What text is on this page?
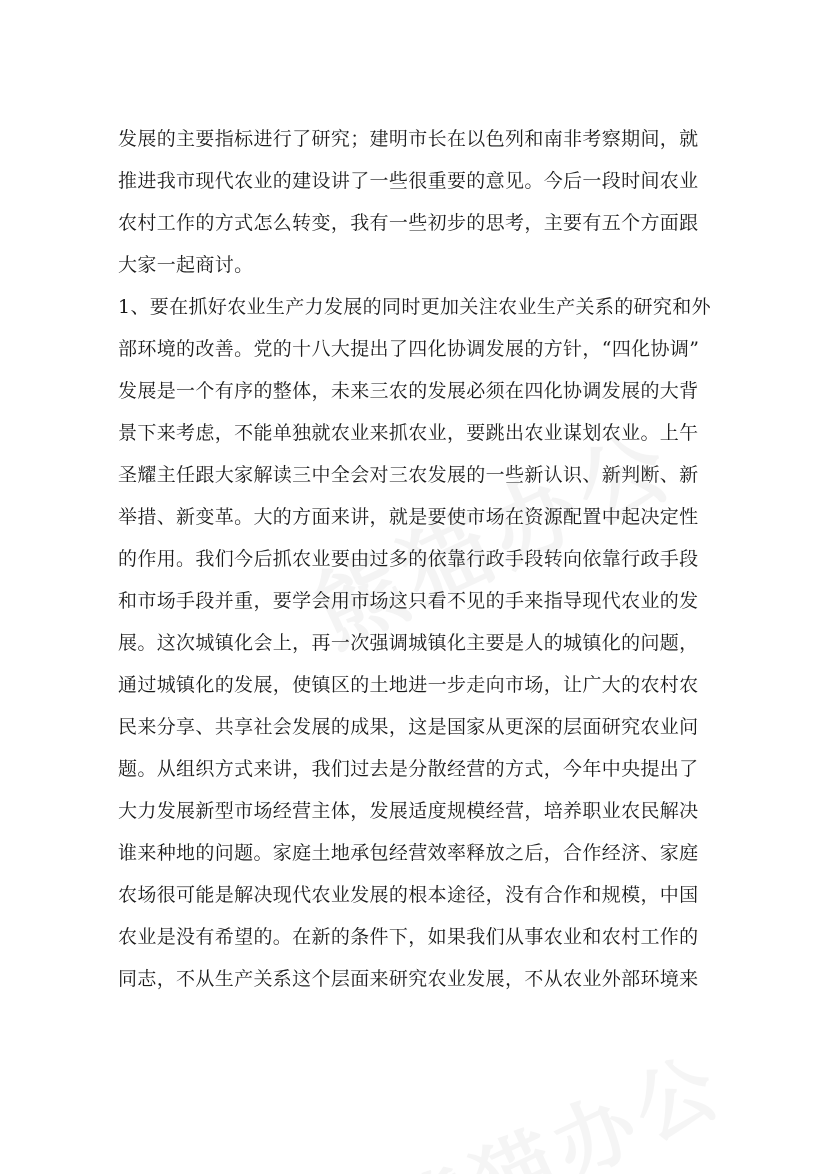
发展的主要指标进行了研究；建明市长在以色列和南非考察期间，就
推进我市现代农业的建设讲了一些很重要的意见。今后一段时间农业
农村工作的方式怎么转变，我有一些初步的思考，主要有五个方面跟
大家一起商讨。
1、要在抓好农业生产力发展的同时更加关注农业生产关系的研究和外
部环境的改善。党的十八大提出了四化协调发展的方针，“四化协调”
发展是一个有序的整体，未来三农的发展必须在四化协调发展的大背
景下来考虑，不能单独就农业来抓农业，要跳出农业谋划农业。上午
圣耀主任跟大家解读三中全会对三农发展的一些新认识、新判断、新
举措、新变革。大的方面来讲，就是要使市场在资源配置中起决定性
的作用。我们今后抓农业要由过多的依靠行政手段转向依靠行政手段
和市场手段并重，要学会用市场这只看不见的手来指导现代农业的发
展。这次城镇化会上，再一次强调城镇化主要是人的城镇化的问题，
通过城镇化的发展，使镇区的土地进一步走向市场，让广大的农村农
民来分享、共享社会发展的成果，这是国家从更深的层面研究农业问
题。从组织方式来讲，我们过去是分散经营的方式，今年中央提出了
大力发展新型市场经营主体，发展适度规模经营，培养职业农民解决
谁来种地的问题。家庭土地承包经营效率释放之后，合作经济、家庭
农场很可能是解决现代农业发展的根本途径，没有合作和规模，中国
农业是没有希望的。在新的条件下，如果我们从事农业和农村工作的
同志，不从生产关系这个层面来研究农业发展，不从农业外部环境来
